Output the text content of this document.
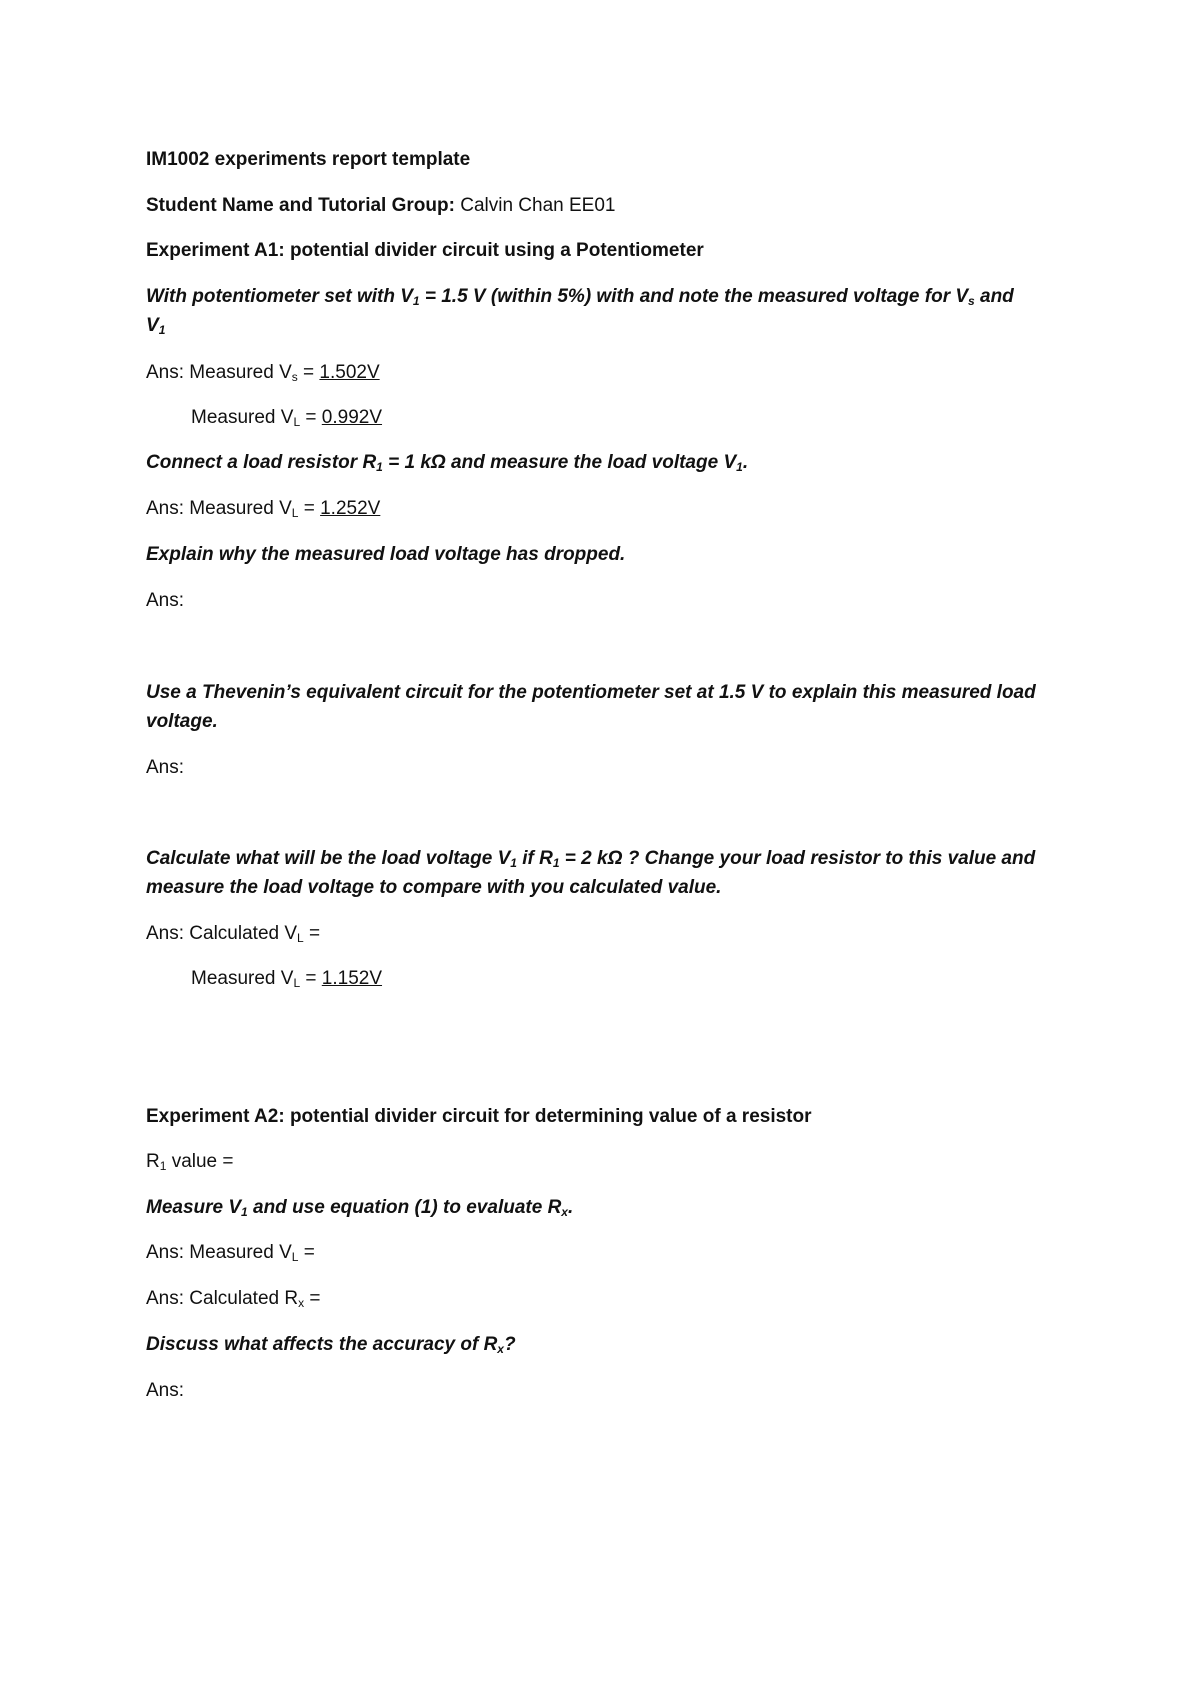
IM1002 experiments report template
Student Name and Tutorial Group: Calvin Chan EE01
Experiment A1: potential divider circuit using a Potentiometer
With potentiometer set with $V_1 = 1.5$ V (within 5%) with and note the measured voltage for $V_s$ and
$V_1$
Ans: Measured $V_s = 1.502V$
Measured $V_L = 0.992V$
Connect a load resistor $R_1 = 1$ kΩ and measure the load voltage $V_1$.
Ans: Measured $V_L = 1.252V$
Explain why the measured load voltage has dropped.
Ans:
Use a Thevenin’s equivalent circuit for the potentiometer set at 1.5 V to explain this measured load
voltage.
Ans:
Calculate what will be the load voltage $V_1$ if $R_1 = 2$ kΩ ? Change your load resistor to this value and
measure the load voltage to compare with you calculated value.
Ans: Calculated $V_L$ =
Measured $V_L = 1.152V$
Experiment A2: potential divider circuit for determining value of a resistor
$R_1$ value =
Measure $V_1$ and use equation (1) to evaluate $R_x$.
Ans: Measured $V_L$ =
Ans: Calculated $R_x$ =
Discuss what affects the accuracy of $R_x$?
Ans:
